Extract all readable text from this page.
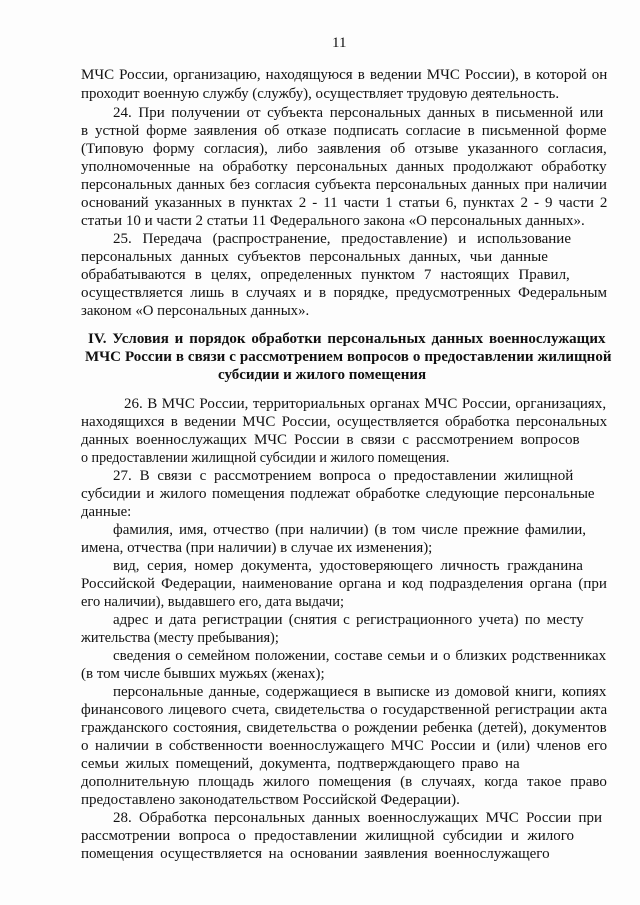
11
МЧС России, организацию, находящуюся в ведении МЧС России), в которой он
проходит военную службу (службу), осуществляет трудовую деятельность.
24. При получении от субъекта персональных данных в письменной или
в устной форме заявления об отказе подписать согласие в письменной форме
(Типовую форму согласия), либо заявления об отзыве указанного согласия,
уполномоченные на обработку персональных данных продолжают обработку
персональных данных без согласия субъекта персональных данных при наличии
оснований указанных в пунктах 2 - 11 части 1 статьи 6, пунктах 2 - 9 части 2
статьи 10 и части 2 статьи 11 Федерального закона «О персональных данных».
25. Передача (распространение, предоставление) и использование
персональных данных субъектов персональных данных, чьи данные
обрабатываются в целях, определенных пунктом 7 настоящих Правил,
осуществляется лишь в случаях и в порядке, предусмотренных Федеральным
законом «О персональных данных».
IV. Условия и порядок обработки персональных данных военнослужащих
МЧС России в связи с рассмотрением вопросов о предоставлении жилищной
субсидии и жилого помещения
26. В МЧС России, территориальных органах МЧС России, организациях,
находящихся в ведении МЧС России, осуществляется обработка персональных
данных военнослужащих МЧС России в связи с рассмотрением вопросов
о предоставлении жилищной субсидии и жилого помещения.
27. В связи с рассмотрением вопроса о предоставлении жилищной
субсидии и жилого помещения подлежат обработке следующие персональные
данные:
фамилия, имя, отчество (при наличии) (в том числе прежние фамилии,
имена, отчества (при наличии) в случае их изменения);
вид, серия, номер документа, удостоверяющего личность гражданина
Российской Федерации, наименование органа и код подразделения органа (при
его наличии), выдавшего его, дата выдачи;
адрес и дата регистрации (снятия с регистрационного учета) по месту
жительства (месту пребывания);
сведения о семейном положении, составе семьи и о близких родственниках
(в том числе бывших мужьях (женах);
персональные данные, содержащиеся в выписке из домовой книги, копиях
финансового лицевого счета, свидетельства о государственной регистрации акта
гражданского состояния, свидетельства о рождении ребенка (детей), документов
о наличии в собственности военнослужащего МЧС России и (или) членов его
семьи жилых помещений, документа, подтверждающего право на
дополнительную площадь жилого помещения (в случаях, когда такое право
предоставлено законодательством Российской Федерации).
28. Обработка персональных данных военнослужащих МЧС России при
рассмотрении вопроса о предоставлении жилищной субсидии и жилого
помещения осуществляется на основании заявления военнослужащего
